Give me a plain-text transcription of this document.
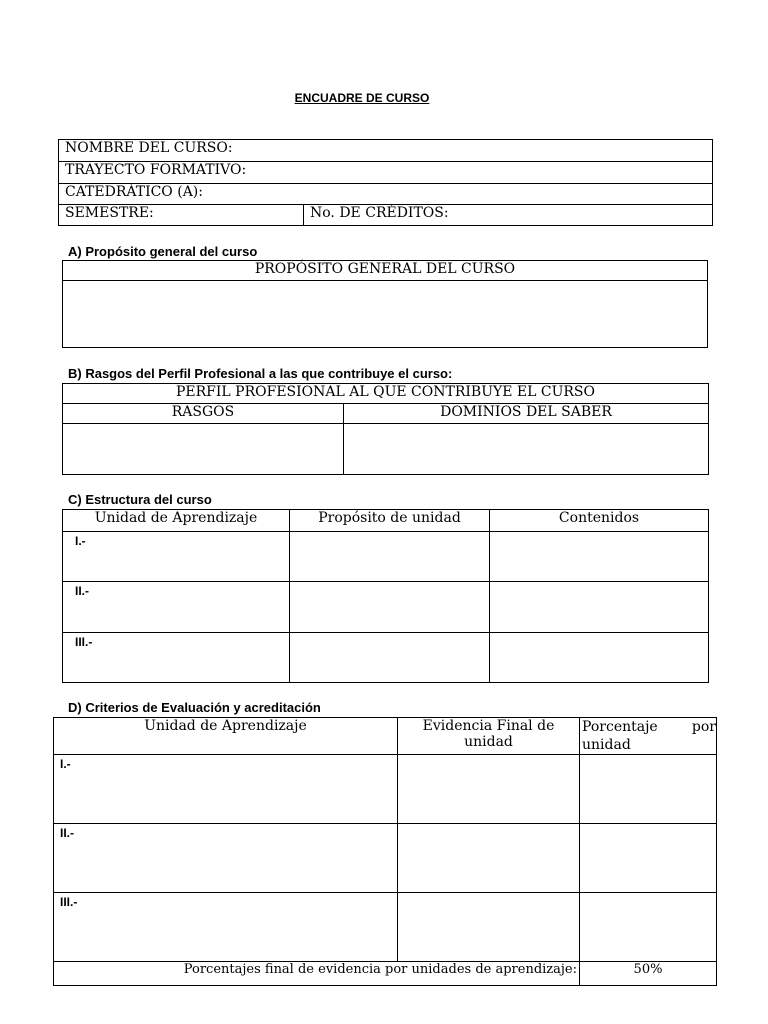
ENCUADRE DE CURSO
NOMBRE DEL CURSO:
TRAYECTO FORMATIVO:
CATEDRÁTICO (A):
SEMESTRE:	No. DE CRÉDITOS:
A) Propósito general del curso
PROPÓSITO GENERAL DEL CURSO

B) Rasgos del Perfil Profesional a las que contribuye el curso:
PERFIL PROFESIONAL AL QUE CONTRIBUYE EL CURSO	
RASGOS	DOMINIOS DEL SABER

C) Estructura del curso
Unidad de Aprendizaje	Propósito de unidad	Contenidos
I.-		
II.-		
III.-		
D) Criterios de Evaluación y acreditación
Unidad de Aprendizaje	Evidencia Final de unidad	Porcentaje por
unidad

I.-		
II.-		
III.-		
Porcentajes final de evidencia por unidades de aprendizaje:		50%
